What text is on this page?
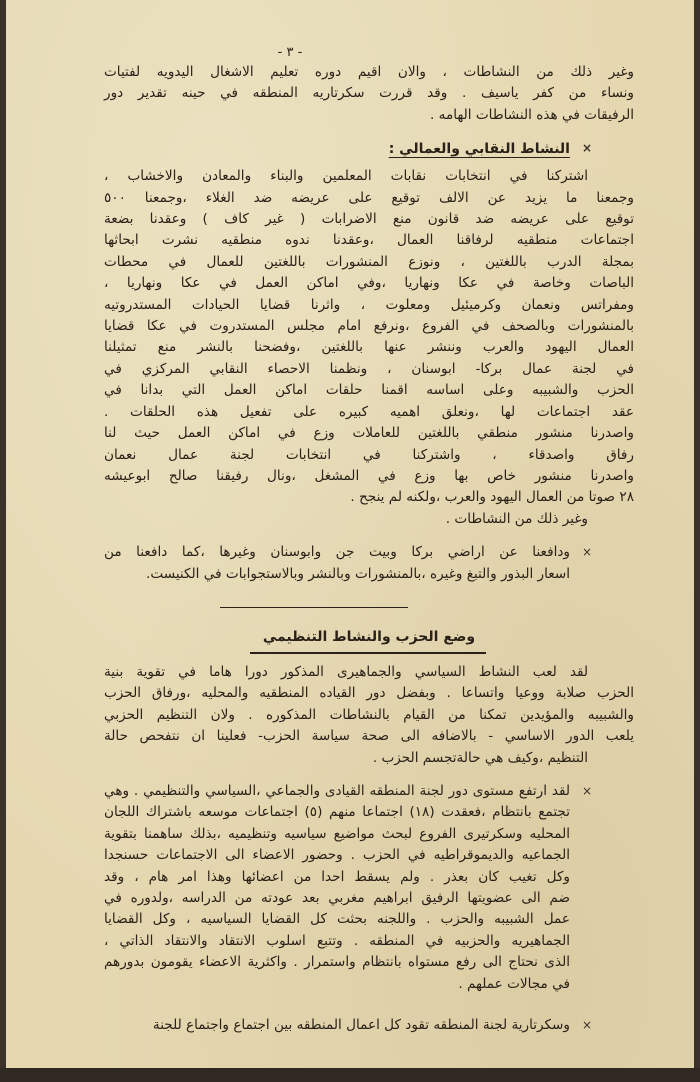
- ٣ -
وغير ذلك من النشاطات ، والان اقيم دوره تعليم الاشغال اليدويه لفتيات
ونساء من كفر ياسيف . وقد قررت سكرتاريه المنطقه في حينه تقدير دور
الرفيقات في هذه النشاطات الهامه .
×
النشاط النقابي والعمالي :
اشتركنا في انتخابات نقابات المعلمين والبناء والمعادن والاخشاب ،
وجمعنا ما يزيد عن الالف توقيع على عريضه ضد الغلاء ،وجمعنا ٥٠٠
توقيع على عريضه ضد قانون منع الاضرابات ( غير كاف ) وعقدنا بضعة
اجتماعات منطقيه لرفاقنا العمال ،وعقدنا ندوه منطقيه نشرت ابحاثها
بمجلة الدرب باللغتين ، ونوزع المنشورات باللغتين للعمال في محطات
الباصات وخاصة في عكا ونهاريا ،وفي اماكن العمل في عكا ونهاريا ،
ومفراتس ونعمان وكرميئيل ومعلوت ، واثرنا قضايا الحيادات المستدروتيه
بالمنشورات وبالصحف في الفروع ،ونرفع امام مجلس المستدروت في عكا قضايا
العمال اليهود والعرب وننشر عنها باللغتين ،وفضحنا بالنشر منع تمثيلنا
في لجنة عمال بركا- ابوسنان ، ونظمنا الاحصاء النقابي المركزي في
الحزب والشبيبه وعلى اساسه اقمنا حلقات اماكن العمل التي بدانا في
عقد اجتماعات لها ،ونعلق اهميه كبيره على تفعيل هذه الحلقات .
واصدرنا منشور منطقي باللغتين للعاملات وزع في اماكن العمل حيث لنا
رفاق واصدقاء ، واشتركنا في انتخابات لجنة عمال نعمان
واصدرنا منشور خاص بها وزع في المشغل ،ونال رفيقنا صالح ابوعيشه
٢٨ صوتا من العمال اليهود والعرب ،ولكنه لم ينجح .
وغير ذلك من النشاطات .
×
ودافعنا عن اراضي بركا وبيت جن وابوسنان وغيرها ،كما دافعنا من
اسعار البذور والتبغ وغيره ،بالمنشورات وبالنشر وبالاستجوابات في الكنيست.
وضع الحزب والنشاط التنظيمي
لقد لعب النشاط السياسي والجماهيرى المذكور دورا هاما في تقوية بنية
الحزب صلابة ووعيا واتساعا . وبفضل دور القياده المنطقيه والمحليه ،ورفاق الحزب
والشبيبه والمؤيدين تمكنا من القيام بالنشاطات المذكوره . ولان التنظيم الحزبي
يلعب الدور الاساسي - بالاضافه الى صحة سياسة الحزب- فعلينا ان نتفحص حالة
التنظيم ،وكيف هي حالةتجسم الحزب .
×
لقد ارتفع مستوى دور لجنة المنطقه القيادى والجماعي ،السياسي والتنظيمي . وهي
تجتمع بانتظام ،فعقدت (١٨) اجتماعا منهم (٥) اجتماعات موسعه باشتراك اللجان
المحليه وسكرتيرى الفروع لبحث مواضيع سياسيه وتنظيميه ،بذلك ساهمنا بتقوية
الجماعيه والديموقراطيه في الحزب . وحضور الاعضاء الى الاجتماعات حسنجدا
وكل تغيب كان بعذر . ولم يسقط احدا من اعضائها وهذا امر هام ، وقد
ضم الى عضويتها الرفيق ابراهيم مغربي بعد عودته من الدراسه ،ولدوره في
عمل الشبيبه والحزب . واللجنه بحثت كل القضايا السياسيه ، وكل القضايا
الجماهيريه والحزبيه في المنطقه . وتتبع اسلوب الانتقاد والانتقاد الذاتي ،
الذى نحتاج الى رفع مستواه بانتظام واستمرار . واكثرية الاعضاء يقومون بدورهم
في مجالات عملهم .
×
وسكرتارية لجنة المنطقه تقود كل اعمال المنطقه بين اجتماع واجتماع للجنة
